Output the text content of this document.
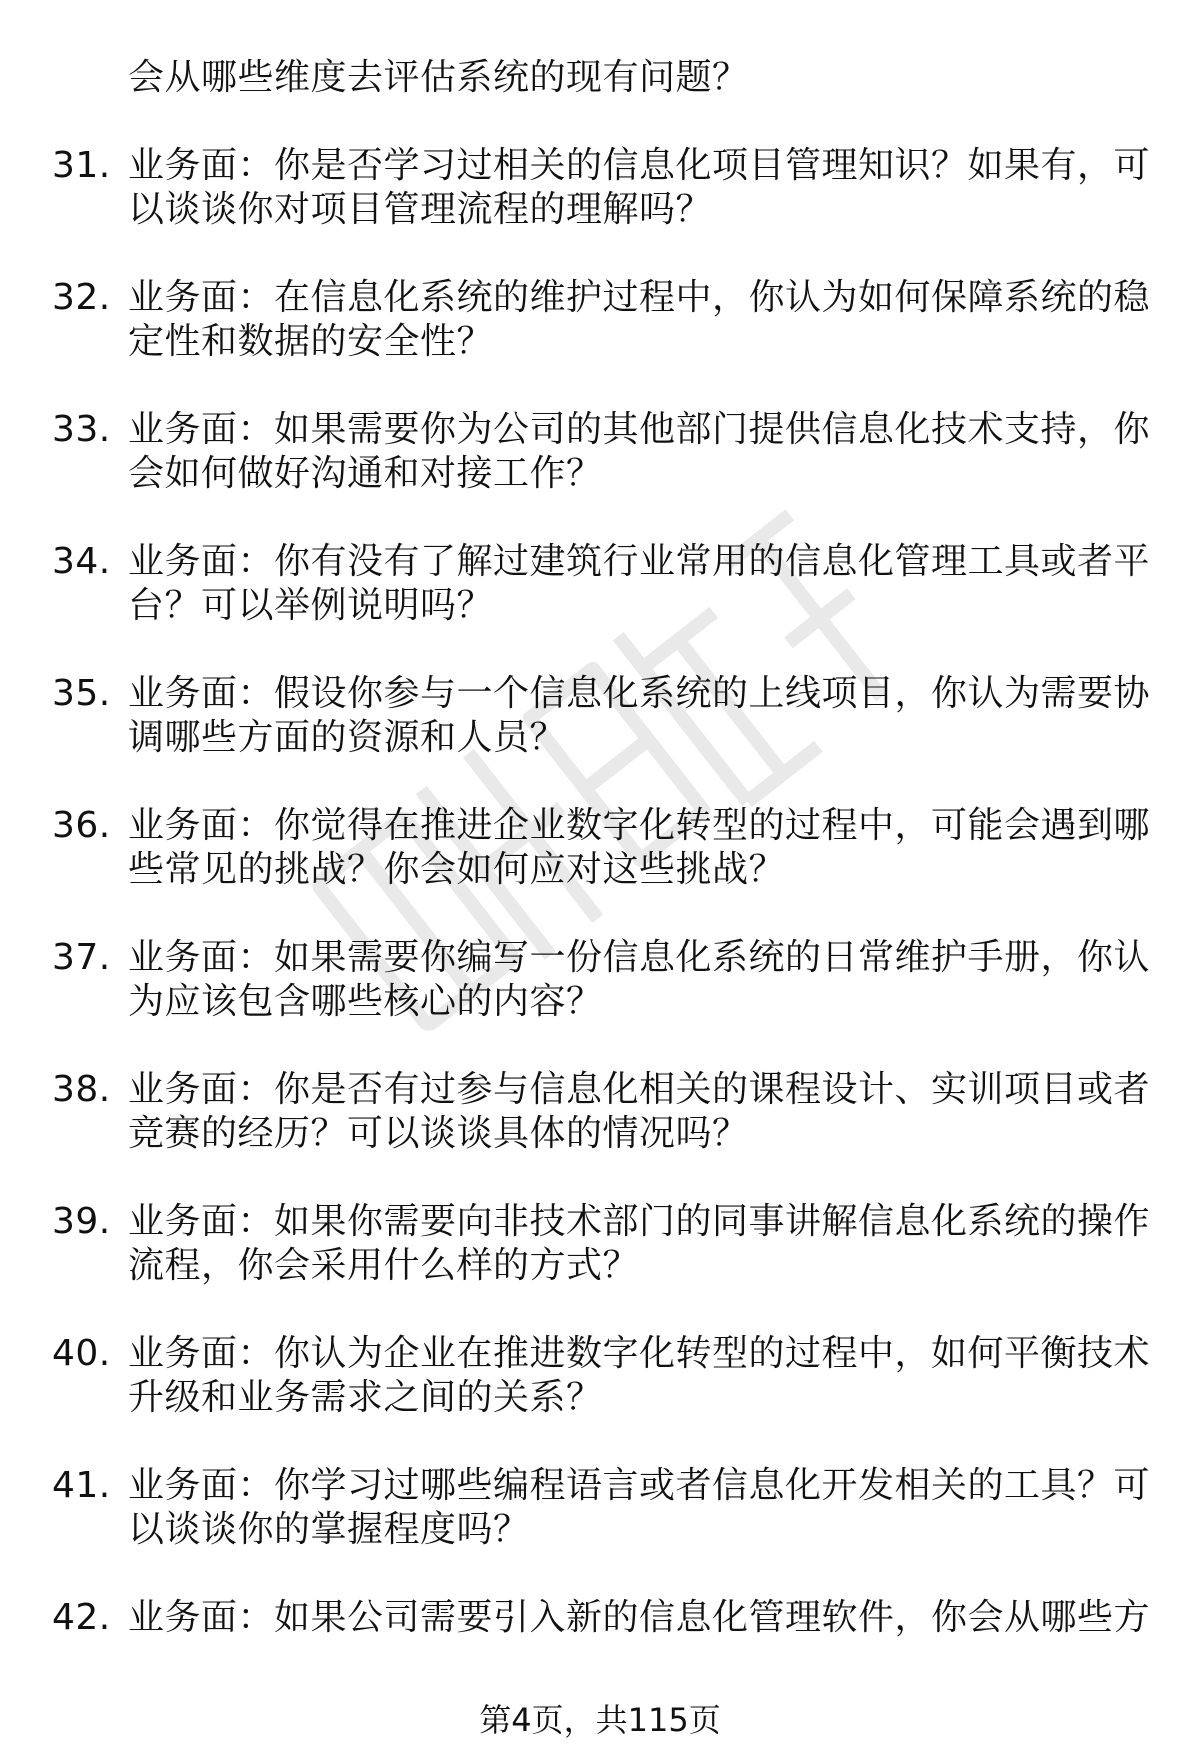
会从哪些维度去评估系统的现有问题？
31. 业务面：你是否学习过相关的信息化项目管理知识？如果有，可
以谈谈你对项目管理流程的理解吗？
32. 业务面：在信息化系统的维护过程中，你认为如何保障系统的稳
定性和数据的安全性？
33. 业务面：如果需要你为公司的其他部门提供信息化技术支持，你
会如何做好沟通和对接工作？
34. 业务面：你有没有了解过建筑行业常用的信息化管理工具或者平
台？可以举例说明吗？
35. 业务面：假设你参与一个信息化系统的上线项目，你认为需要协
调哪些方面的资源和人员？
36. 业务面：你觉得在推进企业数字化转型的过程中，可能会遇到哪
些常见的挑战？你会如何应对这些挑战？
37. 业务面：如果需要你编写一份信息化系统的日常维护手册，你认
为应该包含哪些核心的内容？
38. 业务面：你是否有过参与信息化相关的课程设计、实训项目或者
竞赛的经历？可以谈谈具体的情况吗？
39. 业务面：如果你需要向非技术部门的同事讲解信息化系统的操作
流程，你会采用什么样的方式？
40. 业务面：你认为企业在推进数字化转型的过程中，如何平衡技术
升级和业务需求之间的关系？
41. 业务面：你学习过哪些编程语言或者信息化开发相关的工具？可
以谈谈你的掌握程度吗？
42. 业务面：如果公司需要引入新的信息化管理软件，你会从哪些方
第4页，共115页
